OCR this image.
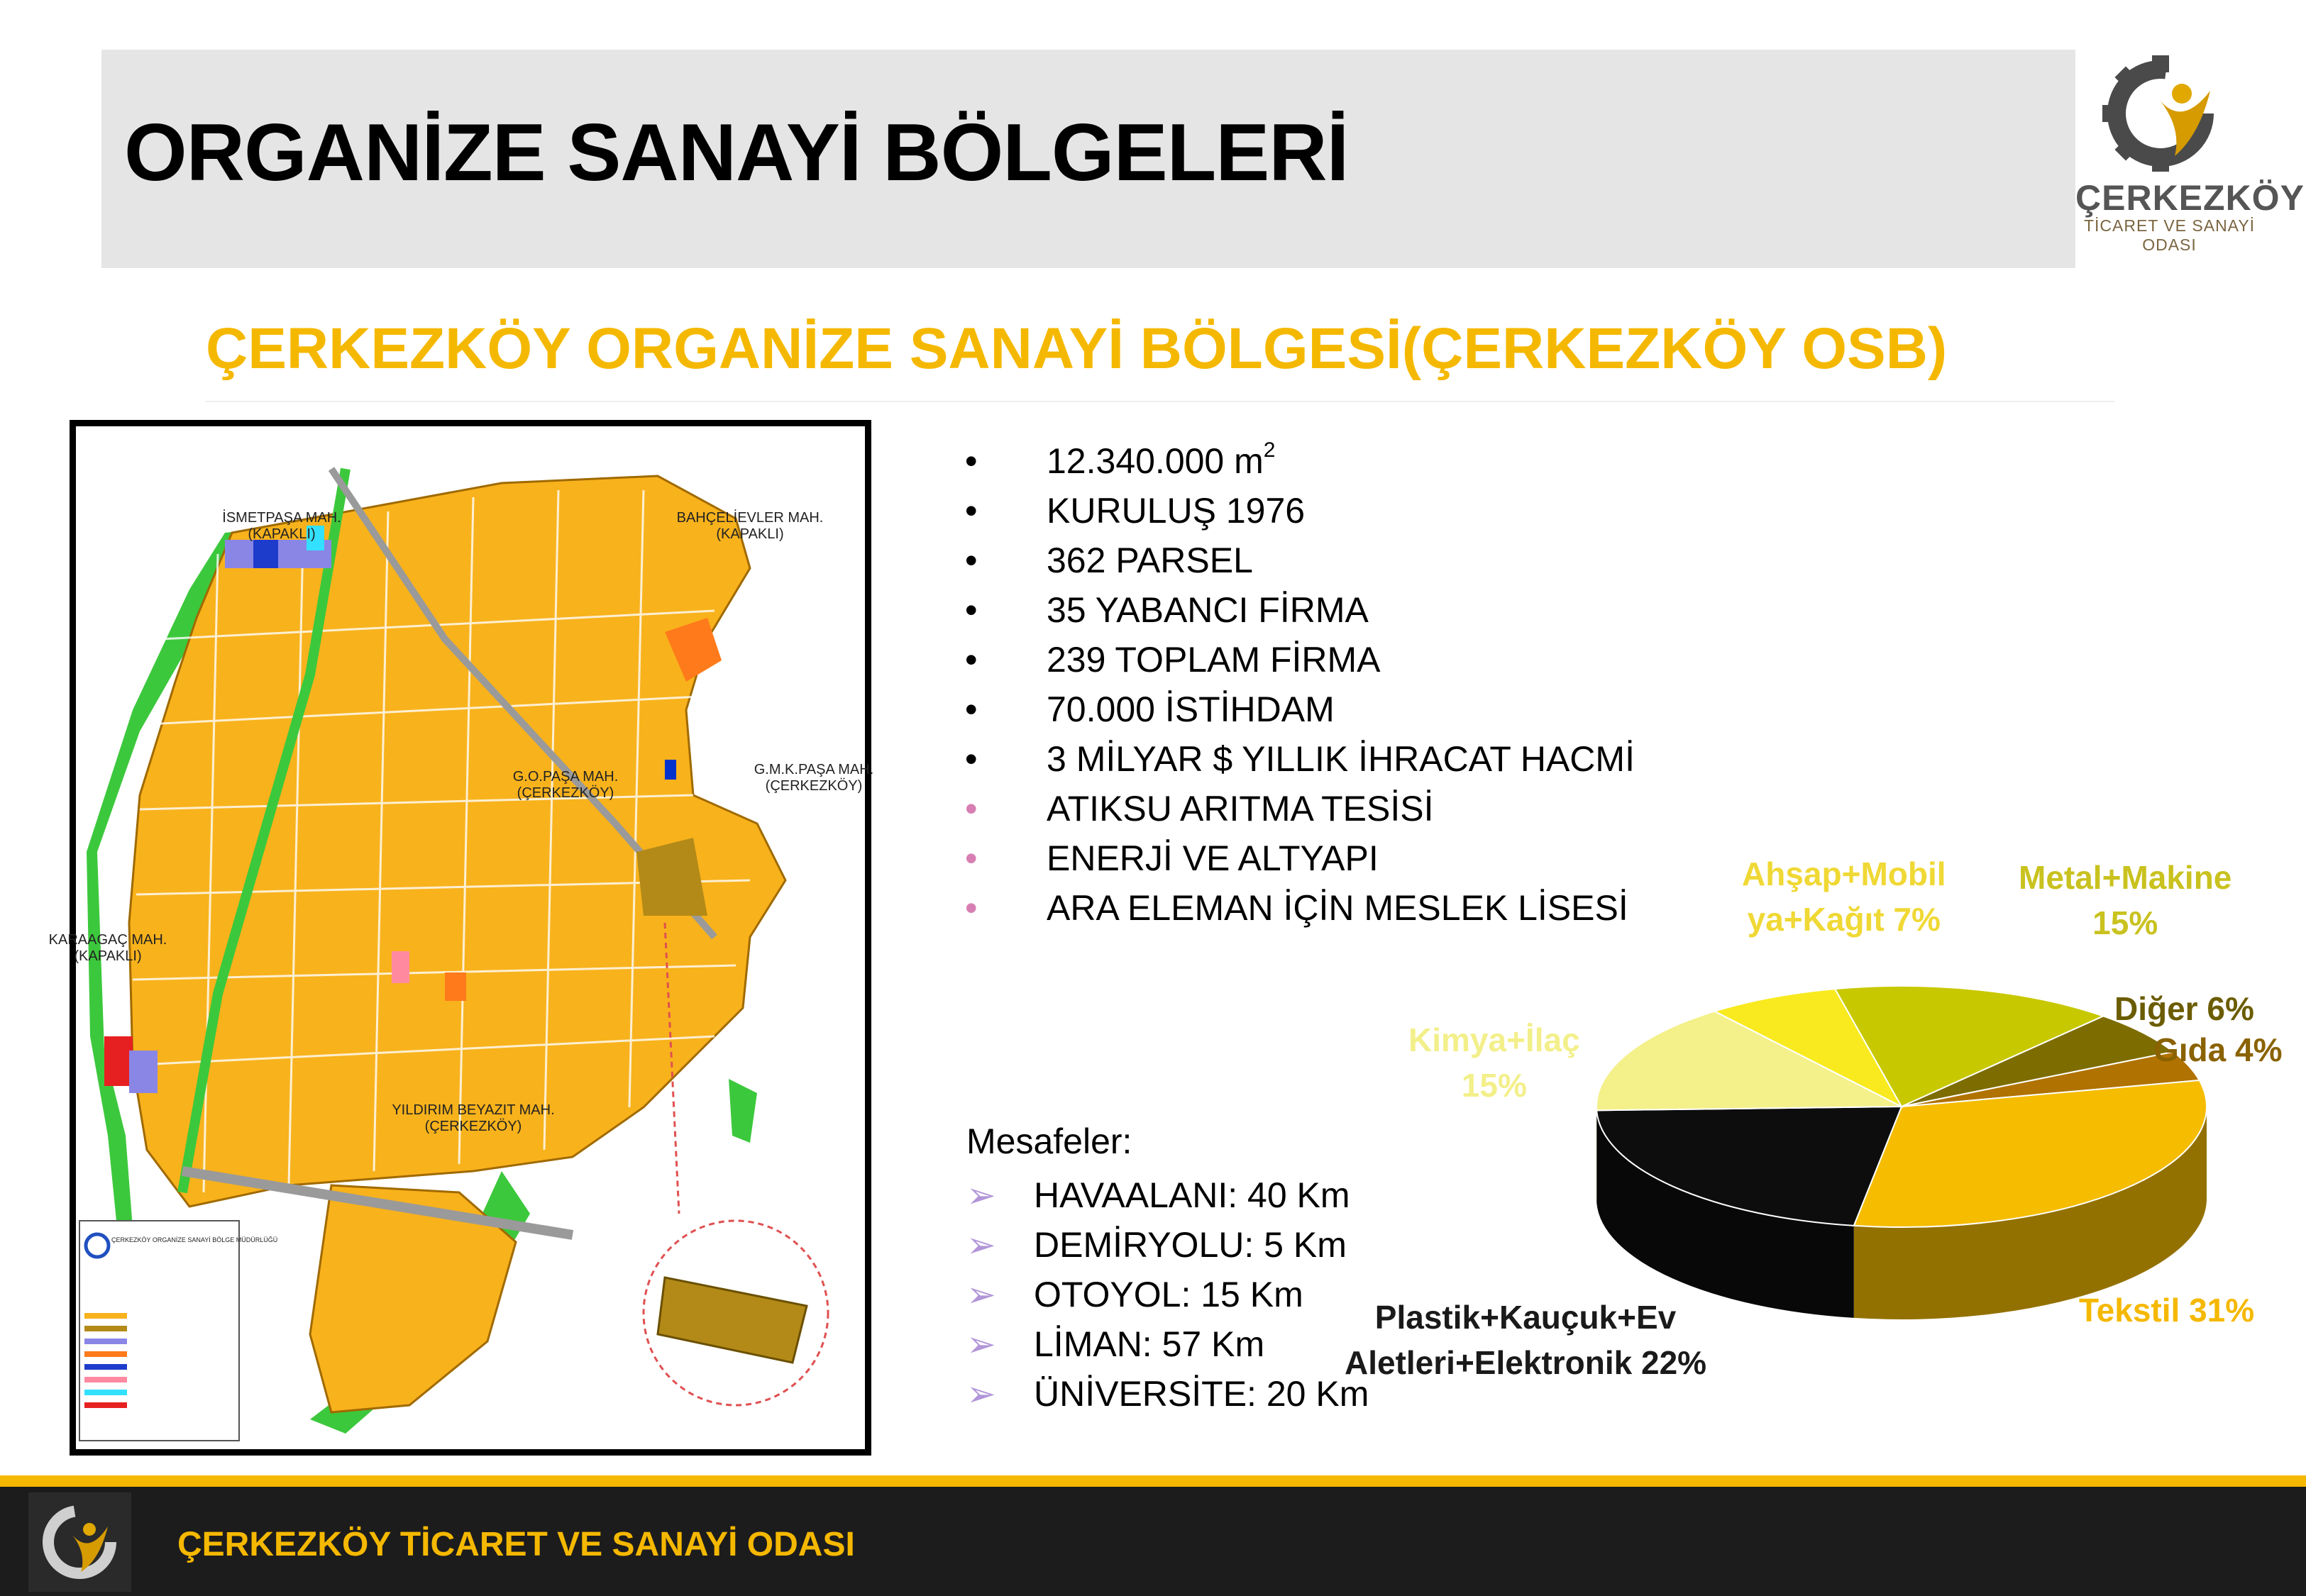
ORGANİZE SANAYİ BÖLGELERİ	ÇERKEZKÖY
TİCARET VE SANAYİ ODASI
ÇERKEZKÖY ORGANİZE SANAYİ BÖLGESİ(ÇERKEZKÖY OSB)
İSMETPAŞA MAH.
(KAPAKLI)
BAHÇELİEVLER MAH.
(KAPAKLI)
G.O.PAŞA MAH.
(ÇERKEZKÖY)
G.M.K.PAŞA MAH.
(ÇERKEZKÖY)
KARAAGAÇ MAH.
(KAPAKLI)
YILDIRIM BEYAZIT MAH.
(ÇERKEZKÖY)
ÇERKEZKÖY ORGANİZE SANAYİ BÖLGE MÜDÜRLÜĞÜ
• 12.340.000 $m^2$
• KURULUŞ 1976
• 362 PARSEL
• 35 YABANCI FİRMA
• 239 TOPLAM FİRMA
• 70.000 İSTİHDAM
• 3 MİLYAR $ YILLIK İHRACAT HACMİ
• ATIKSU ARITMA TESİSİ
• ENERJİ VE ALTYAPI
• ARA ELEMAN İÇİN MESLEK LİSESİ
Mesafeler:
➢ HAVAALANI: 40 Km
➢ DEMİRYOLU: 5 Km
➢ OTOYOL: 15 Km
➢ LİMAN: 57 Km
➢ ÜNİVERSİTE: 20 Km
Tekstil 31%
Plastik+Kauçuk+Ev
Aletleri+Elektronik 22%
Kimya+İlaç
15%
Ahşap+Mobil
ya+Kağıt 7%
Metal+Makine
15%
Diğer 6%
Gıda 4%
ÇERKEZKÖY TİCARET VE SANAYİ ODASI
